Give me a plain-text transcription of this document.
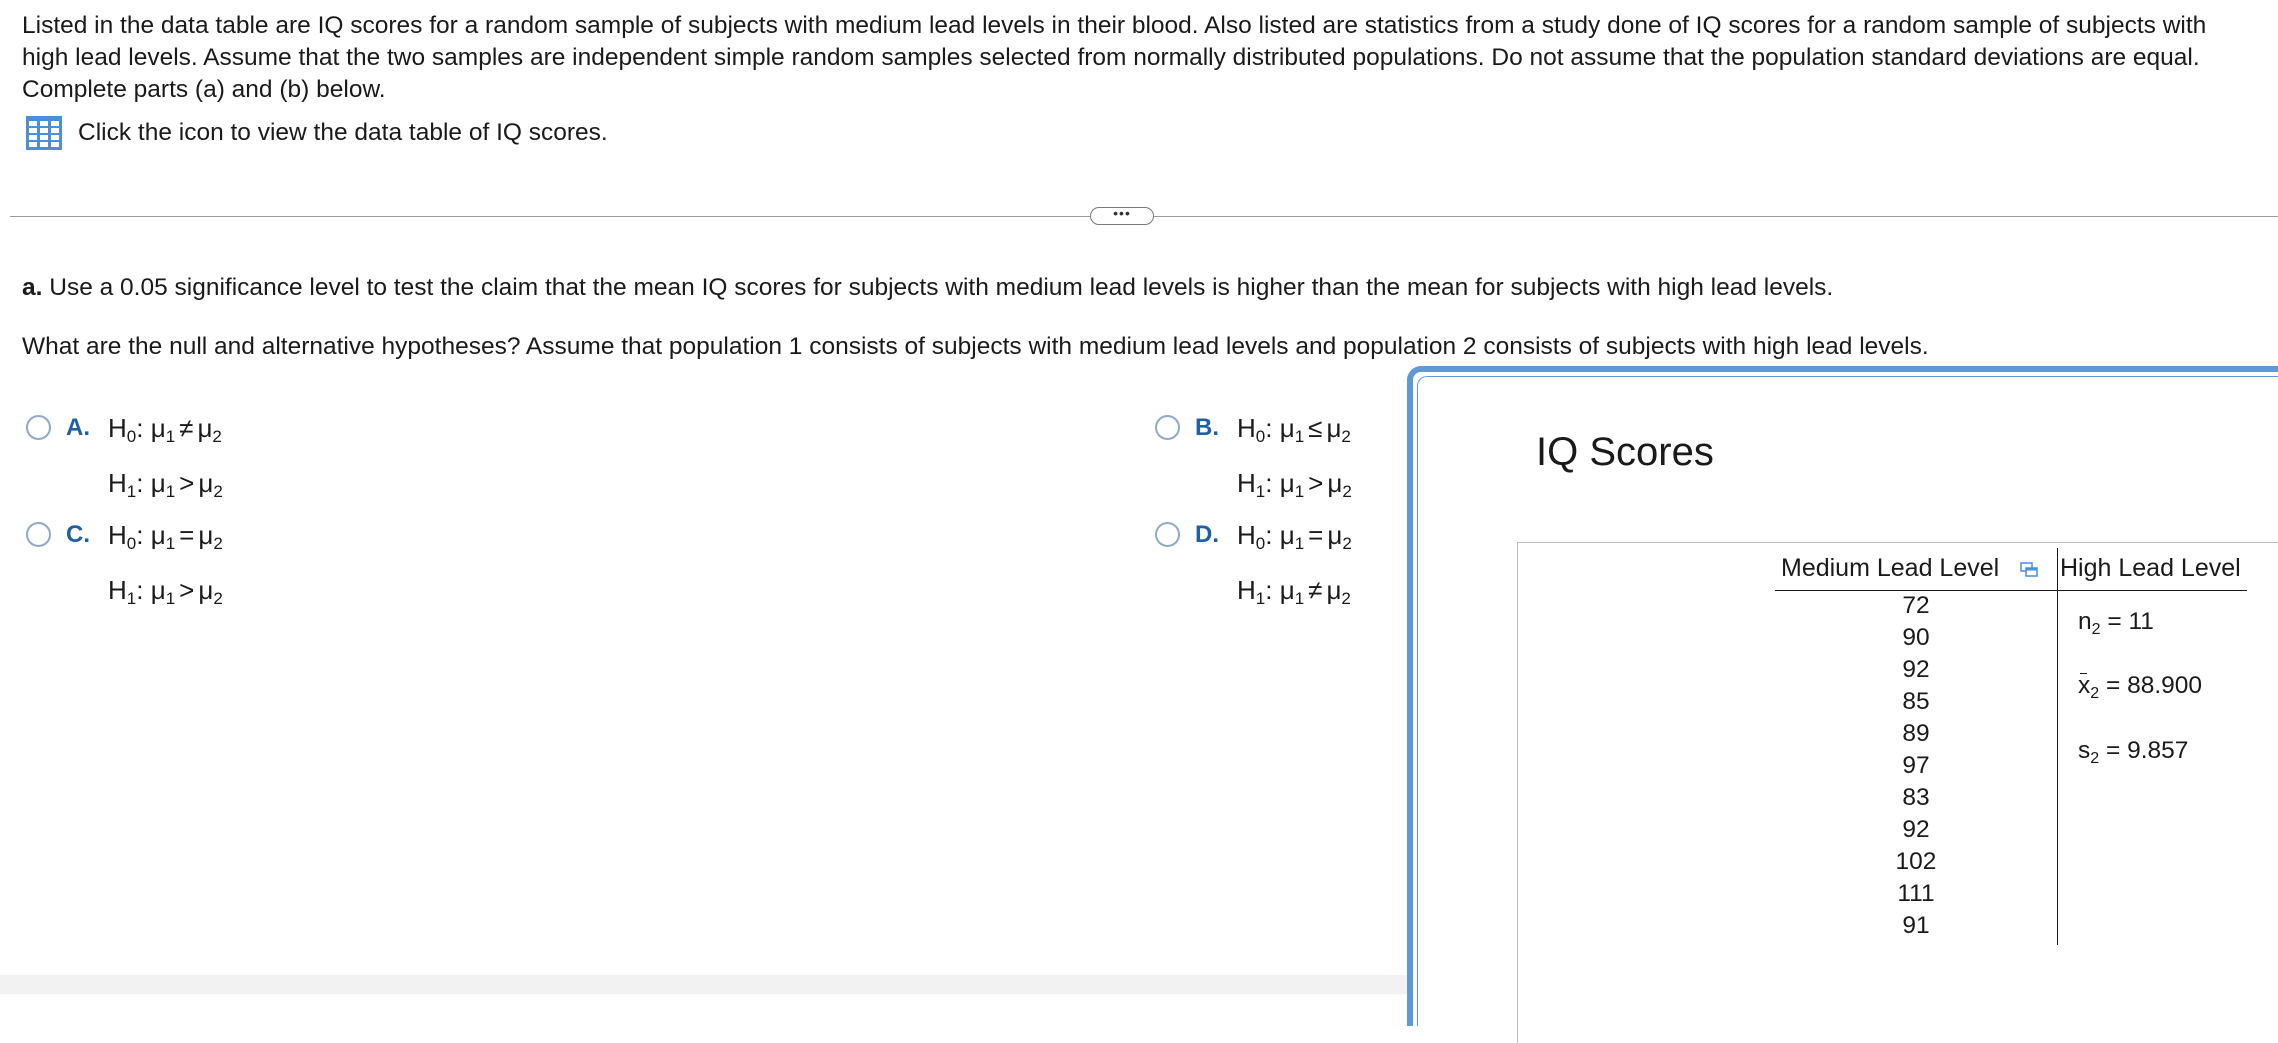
Listed in the data table are IQ scores for a random sample of subjects with medium lead levels in their blood. Also listed are statistics from a study done of IQ scores for a random sample of subjects with high lead levels. Assume that the two samples are independent simple random samples selected from normally distributed populations. Do not assume that the population standard deviations are equal. Complete parts (a) and (b) below.

Click the icon to view the data table of IQ scores.
•••
a. Use a 0.05 significance level to test the claim that the mean IQ scores for subjects with medium lead levels is higher than the mean for subjects with high lead levels.
What are the null and alternative hypotheses? Assume that population 1 consists of subjects with medium lead levels and population 2 consists of subjects with high lead levels.
A. $H_0$: $\mu_1 \ne \mu_2$
$H_1$: $\mu_1 > \mu_2$
B. $H_0$: $\mu_1 \le \mu_2$
$H_1$: $\mu_1 > \mu_2$
C. $H_0$: $\mu_1 = \mu_2$
$H_1$: $\mu_1 > \mu_2$
D. $H_0$: $\mu_1 = \mu_2$
$H_1$: $\mu_1 \ne \mu_2$
IQ Scores
Medium Lead Level High Lead Level
72
90
92
85
89
97
83
92
102
111
91
$n_2 = 11$
$x_2 = 88.900$
$s_2 = 9.857$
